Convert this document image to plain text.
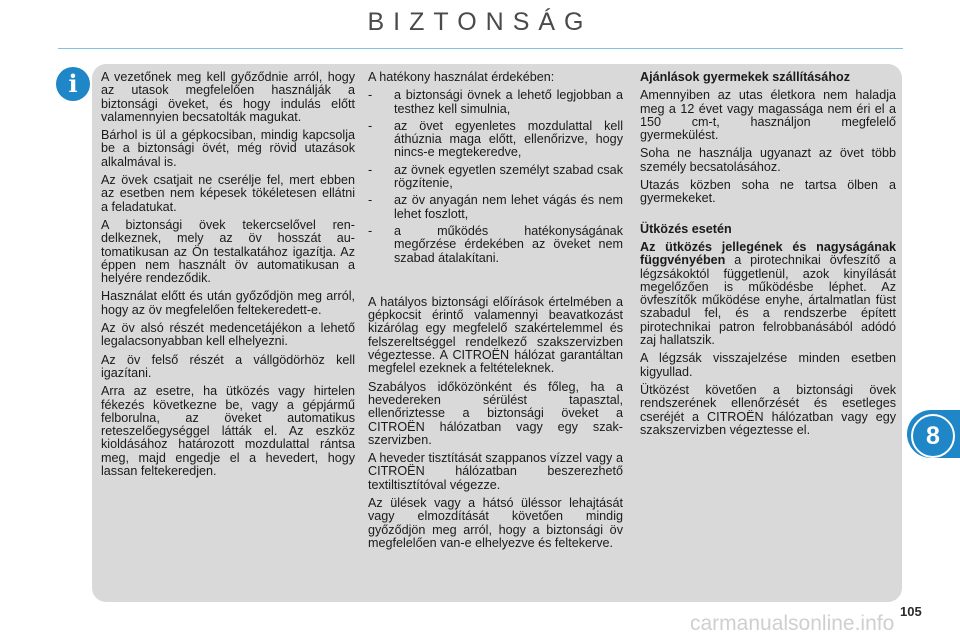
BIZTONSÁG
i	A vezetőnek meg kell győződnie arról, hogy az utasok megfelelően használják a biztonsági öveket, és hogy indulás előtt valamennyien becsatolták magukat.

Bárhol is ül a gépkocsiban, mindig kapcsolja be a biztonsági övét, még rövid utazások alkalmával is.

Az övek csatjait ne cserélje fel, mert ebben az esetben nem képesek tökéletesen ellátni a feladatukat.

A biztonsági övek tekercselővel rendelkeznek, mely az öv hosszát automatikusan az Ön testalkatához igazítja. Az éppen nem használt öv automatikusan a helyére rendeződik.

Használat előtt és után győződjön meg arról, hogy az öv megfelelően feltekeredett-e.

Az öv alsó részét medencetájékon a lehető legalacsonyabban kell elhelyezni.

Az öv felső részét a vállgödörhöz kell igazítani.

Arra az esetre, ha ütközés vagy hirtelen fékezés következne be, vagy a gépjármű felborulna, az öveket automatikus reteszelőegységgel látták el. Az eszköz kioldásához határozott mozdulattal rántsa meg, majd engedje el a hevedert, hogy lassan feltekeredjen.

A hatékony használat érdekében:

- a biztonsági övnek a lehető legjobban a testhez kell simulnia,
- az övet egyenletes mozdulattal kell áthúznia maga előtt, ellenőrizve, hogy nincs-e megtekeredve,
- az övnek egyetlen személyt szabad csak rögzítenie,
- az öv anyagán nem lehet vágás és nem lehet foszlott,
- a működés hatékonyságának megőrzése érdekében az öveket nem szabad átalakítani.

A hatályos biztonsági előírások értelmében a gépkocsit érintő valamennyi beavatkozást kizárólag egy megfelelő szakértelemmel és felszereltséggel rendelkező szakszervizben végeztesse. A CITROËN hálózat garantáltan megfelel ezeknek a feltételeknek.

Szabályos időközönként és főleg, ha a hevedereken sérülést tapasztal, ellenőriztesse a biztonsági öveket a CITROËN hálózatban vagy egy szakszervizben.

A heveder tisztítását szappanos vízzel vagy a CITROËN hálózatban beszerezhető textiltisztítóval végezze.

Az ülések vagy a hátsó üléssor lehajtását vagy elmozdítását követően mindig győződjön meg arról, hogy a biztonsági öv megfelelően van-e elhelyezve és feltekerve.

Ajánlások gyermekek szállításához

Amennyiben az utas életkora nem haladja meg a 12 évet vagy magassága nem éri el a 150 cm-t, használjon megfelelő gyermekülést.

Soha ne használja ugyanazt az övet több személy becsatolásához.

Utazás közben soha ne tartsa ölben a gyermekeket.

Ütközés esetén

Az ütközés jellegének és nagyságának függvényében a pirotechnikai övfeszítő a légzsákoktól függetlenül, azok kinyílását megelőzően is működésbe léphet. Az övfeszítők működése enyhe, ártalmatlan füst szabadul fel, és a rendszerbe épített pirotechnikai patron felrobbanásából adódó zaj hallatszik.

A légzsák visszajelzése minden esetben kigyullad.

Ütközést követően a biztonsági övek rendszerének ellenőrzését és esetleges cseréjét a CITROËN hálózatban vagy egy szakszervizben végeztesse el.	8
carmanualsonline.info
105
